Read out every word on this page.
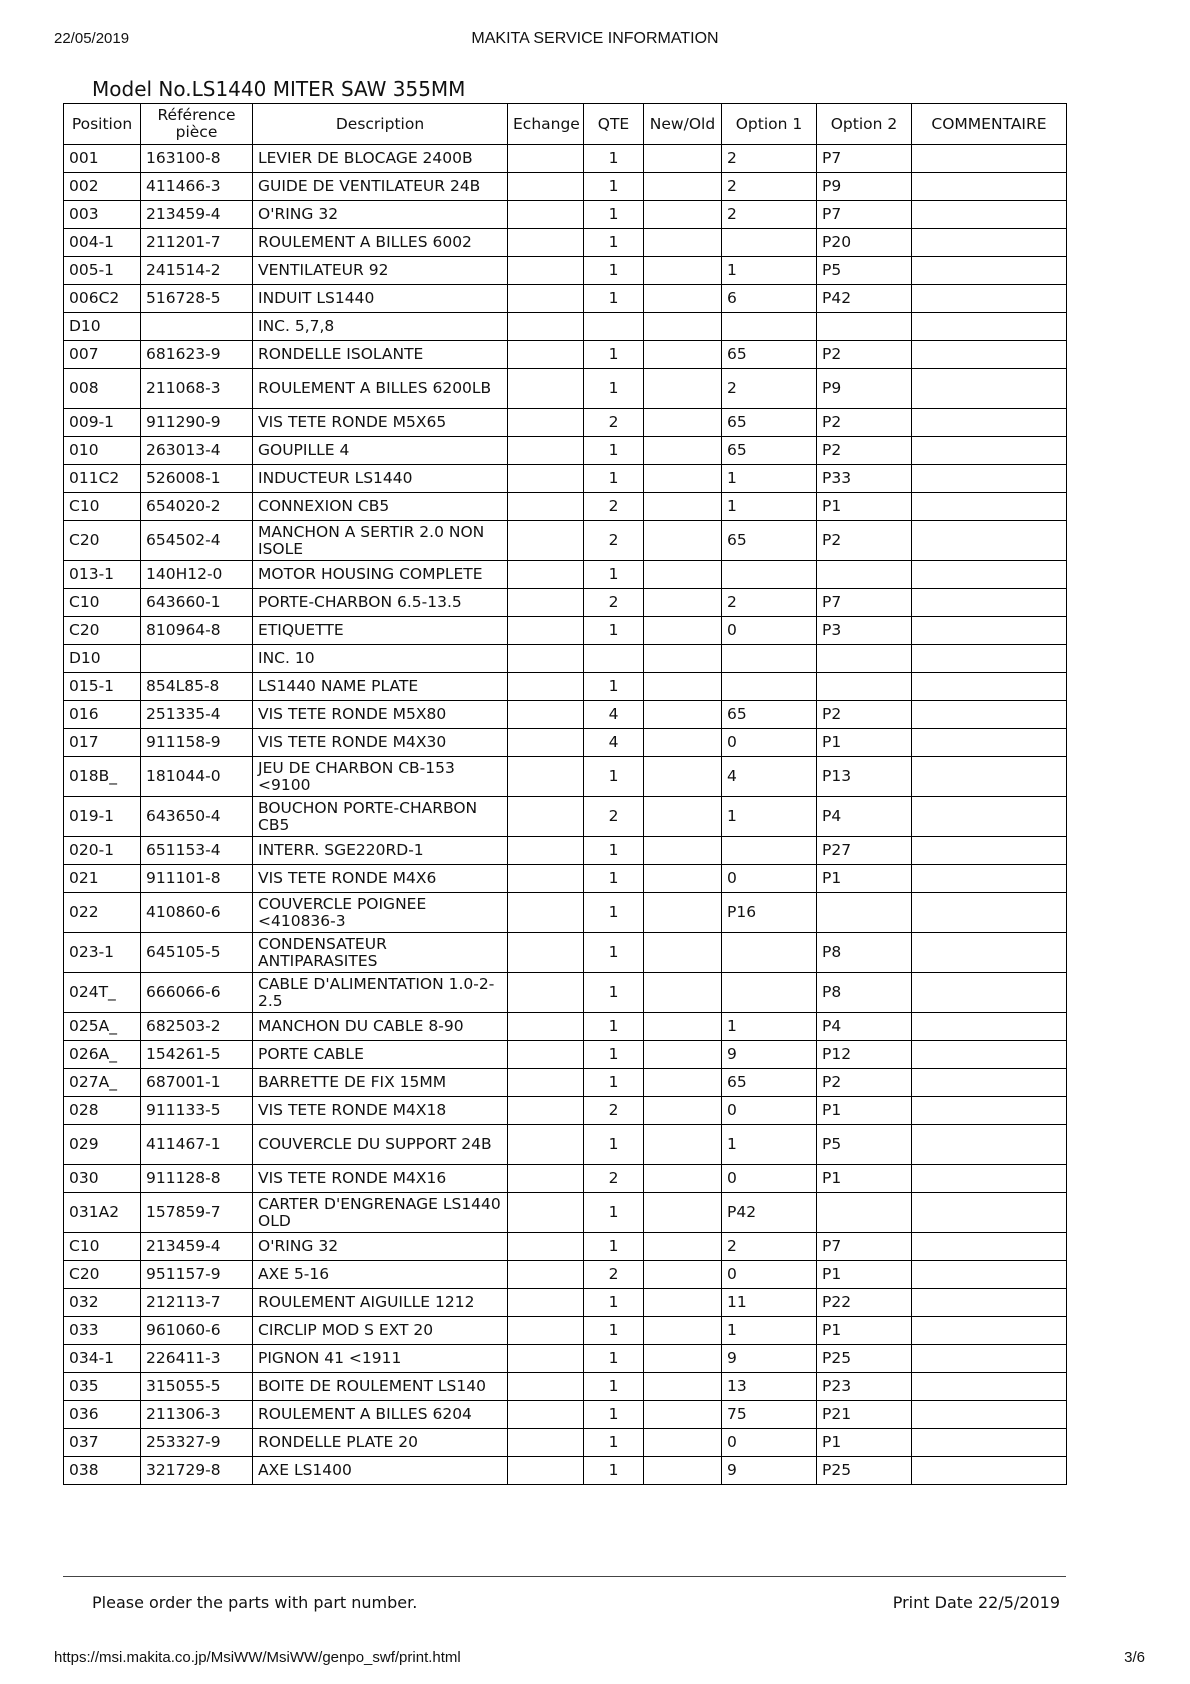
22/05/2019	MAKITA SERVICE INFORMATION
Model No.LS1440 MITER SAW 355MM
Position	Référence pièce	Description	Echange	QTE	New/Old	Option 1	Option 2	COMMENTAIRE
001	163100-8	LEVIER DE BLOCAGE 2400B		1		2	P7	
002	411466-3	GUIDE DE VENTILATEUR 24B		1		2	P9	
003	213459-4	O'RING 32		1		2	P7	
004-1	211201-7	ROULEMENT A BILLES 6002		1			P20	
005-1	241514-2	VENTILATEUR 92		1		1	P5	
006C2	516728-5	INDUIT LS1440		1		6	P42	
D10		INC. 5,7,8						
007	681623-9	RONDELLE ISOLANTE		1		65	P2	
008	211068-3	ROULEMENT A BILLES 6200LB		1		2	P9	
009-1	911290-9	VIS TETE RONDE M5X65		2		65	P2	
010	263013-4	GOUPILLE 4		1		65	P2	
011C2	526008-1	INDUCTEUR LS1440		1		1	P33	
C10	654020-2	CONNEXION CB5		2		1	P1	
C20	654502-4	MANCHON A SERTIR 2.0 NON ISOLE		2		65	P2	
013-1	140H12-0	MOTOR HOUSING COMPLETE		1				
C10	643660-1	PORTE-CHARBON 6.5-13.5		2		2	P7	
C20	810964-8	ETIQUETTE		1		0	P3	
D10		INC. 10						
015-1	854L85-8	LS1440 NAME PLATE		1				
016	251335-4	VIS TETE RONDE M5X80		4		65	P2	
017	911158-9	VIS TETE RONDE M4X30		4		0	P1	
018B_	181044-0	JEU DE CHARBON CB-153 <9100		1		4	P13	
019-1	643650-4	BOUCHON PORTE-CHARBON CB5		2		1	P4	
020-1	651153-4	INTERR. SGE220RD-1		1			P27	
021	911101-8	VIS TETE RONDE M4X6		1		0	P1	
022	410860-6	COUVERCLE POIGNEE <410836-3		1		P16		
023-1	645105-5	CONDENSATEUR ANTIPARASITES		1			P8	
024T_	666066-6	CABLE D'ALIMENTATION 1.0-2-2.5		1			P8	
025A_	682503-2	MANCHON DU CABLE 8-90		1		1	P4	
026A_	154261-5	PORTE CABLE		1		9	P12	
027A_	687001-1	BARRETTE DE FIX 15MM		1		65	P2	
028	911133-5	VIS TETE RONDE M4X18		2		0	P1	
029	411467-1	COUVERCLE DU SUPPORT 24B		1		1	P5	
030	911128-8	VIS TETE RONDE M4X16		2		0	P1	
031A2	157859-7	CARTER D'ENGRENAGE LS1440 OLD		1		P42		
C10	213459-4	O'RING 32		1		2	P7	
C20	951157-9	AXE 5-16		2		0	P1	
032	212113-7	ROULEMENT AIGUILLE 1212		1		11	P22	
033	961060-6	CIRCLIP MOD S EXT 20		1		1	P1	
034-1	226411-3	PIGNON 41 <1911		1		9	P25	
035	315055-5	BOITE DE ROULEMENT LS140		1		13	P23	
036	211306-3	ROULEMENT A BILLES 6204		1		75	P21	
037	253327-9	RONDELLE PLATE 20		1		0	P1	
038	321729-8	AXE LS1400		1		9	P25	
Please order the parts with part number.	Print Date 22/5/2019
https://msi.makita.co.jp/MsiWW/MsiWW/genpo_swf/print.html	3/6
